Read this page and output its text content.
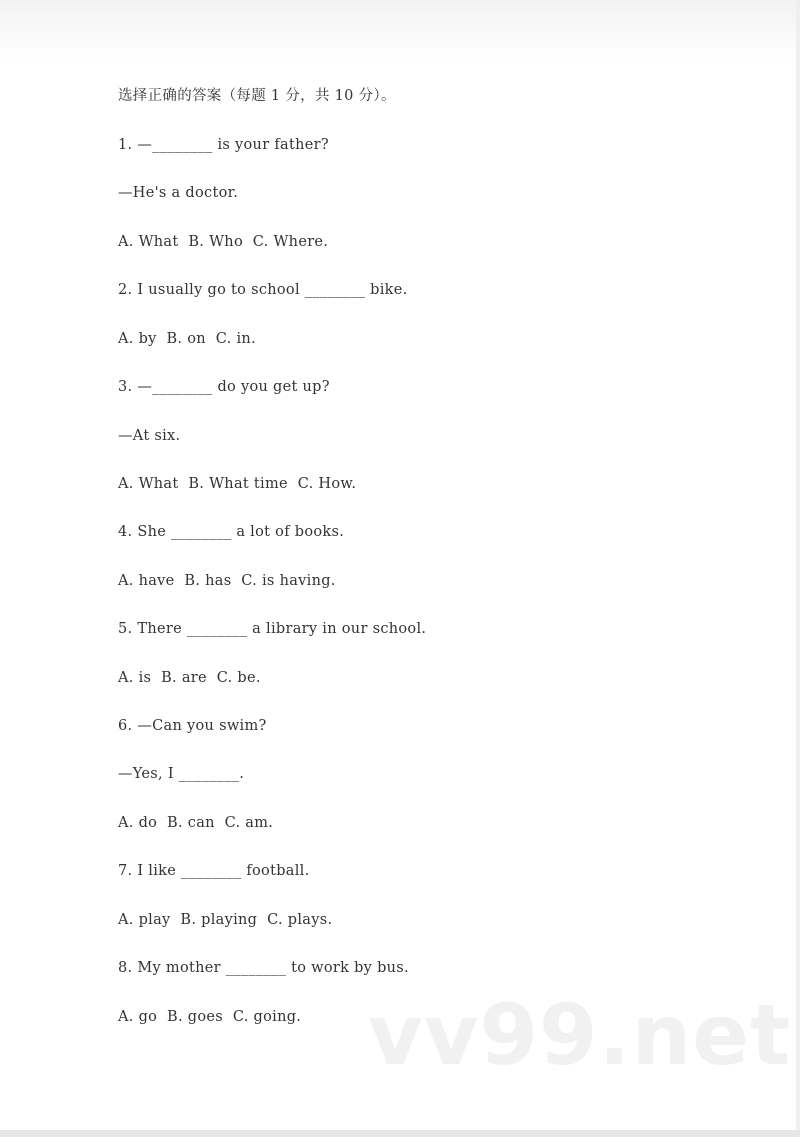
选择正确的答案（每题 1 分，共 10 分）。
1. —________ is your father?
—He's a doctor.
A. What  B. Who  C. Where.
2. I usually go to school ________ bike.
A. by  B. on  C. in.
3. —________ do you get up?
—At six.
A. What  B. What time  C. How.
4. She ________ a lot of books.
A. have  B. has  C. is having.
5. There ________ a library in our school.
A. is  B. are  C. be.
6. —Can you swim?
—Yes, I ________.
A. do  B. can  C. am.
7. I like ________ football.
A. play  B. playing  C. plays.
8. My mother ________ to work by bus.
A. go  B. goes  C. going. vv99.net
